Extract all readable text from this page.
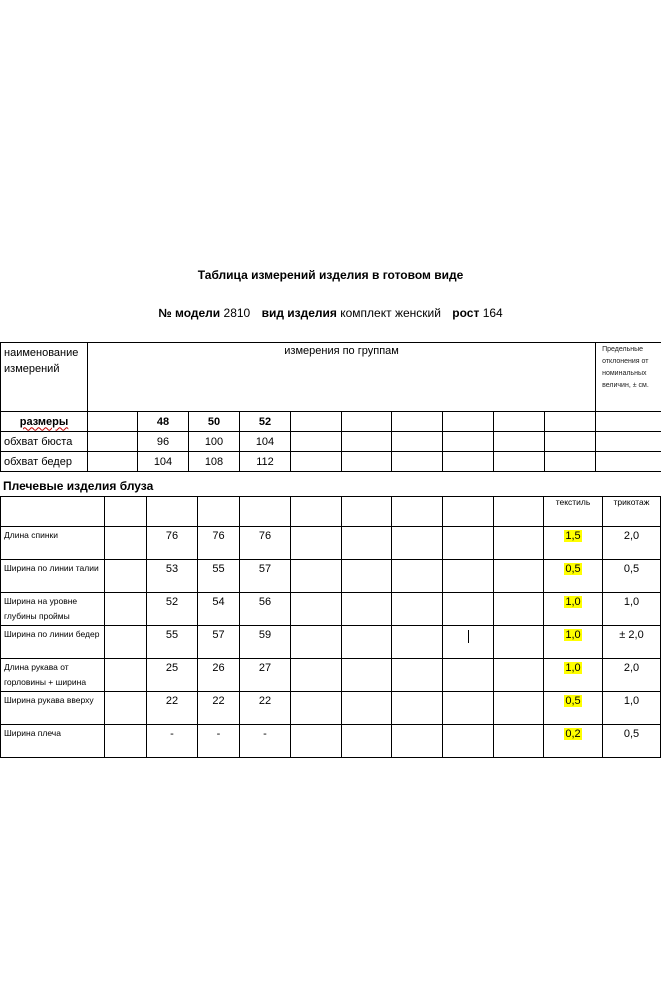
Таблица измерений изделия в готовом виде
№ модели 2810 вид изделия комплект женский рост 164
наименование измерений	измерения по группам										Предельные отклонения от номинальных величин, ± см.
размеры		48	50	52							
обхват бюста		96	100	104							
обхват бедер		104	108	112							
Плечевые изделия блуза
										текстиль	трикотаж
Длина спинки		76	76	76						1,5	2,0
Ширина по линии талии		53	55	57						0,5	0,5
Ширина на уровне глубины проймы		52	54	56						1,0	1,0
Ширина по линии бедер		55	57	59						1,0	± 2,0
Длина рукава от горловины + ширина		25	26	27						1,0	2,0
Ширина рукава вверху		22	22	22						0,5	1,0
Ширина плеча		-	-	-						0,2	0,5
